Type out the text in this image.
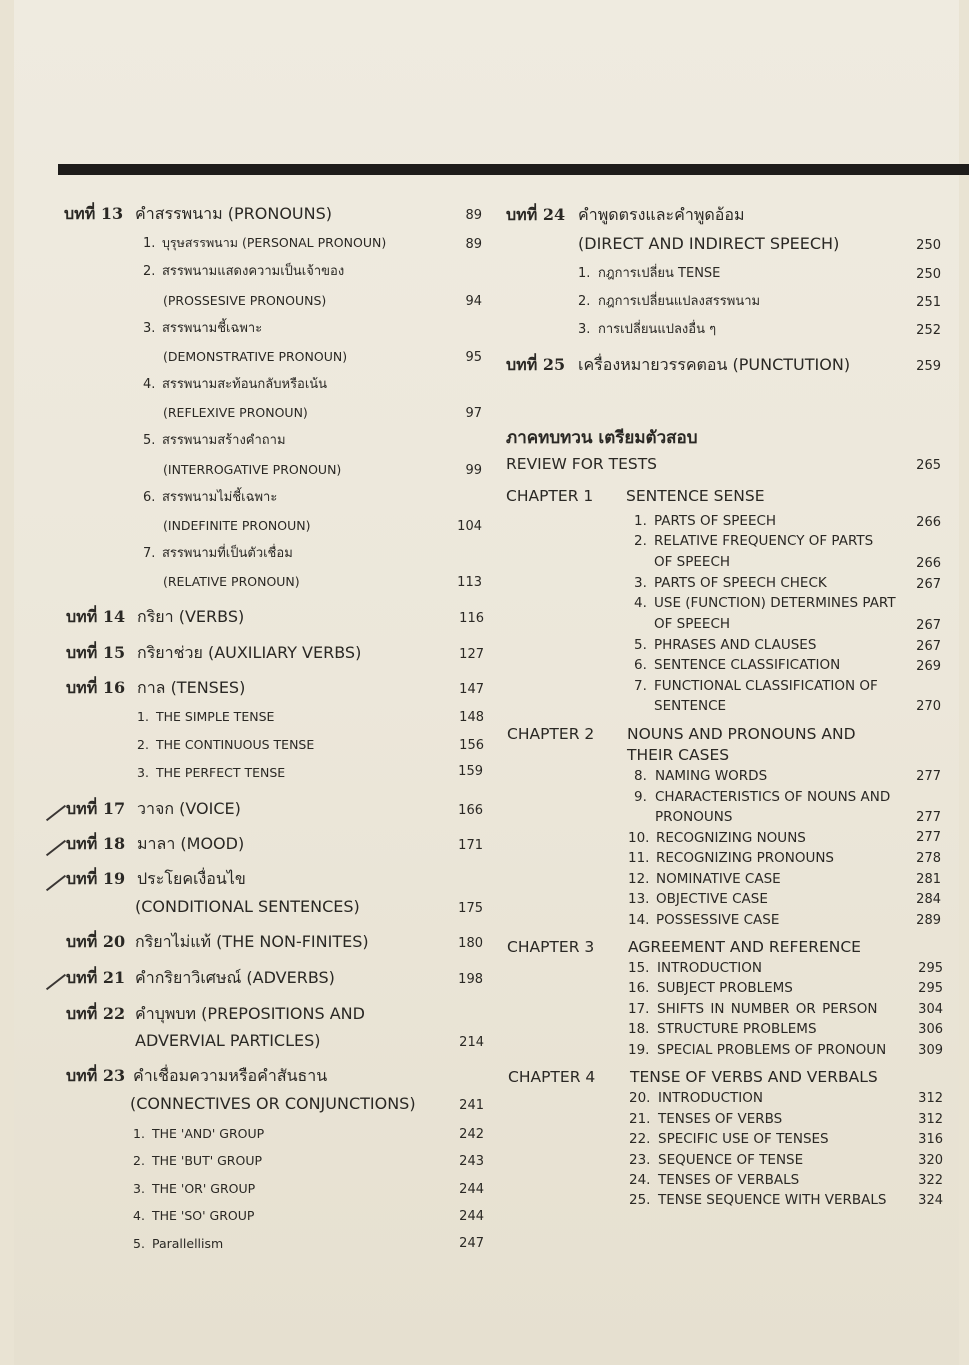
บทที่ 13 คำสรรพนาม (PRONOUNS)	89
1. บุรุษสรรพนาม (PERSONAL PRONOUN)	89
2. สรรพนามแสดงความเป็นเจ้าของ
(PROSSESIVE PRONOUNS)	94
3. สรรพนามชี้เฉพาะ
(DEMONSTRATIVE PRONOUN)	95
4. สรรพนามสะท้อนกลับหรือเน้น
(REFLEXIVE PRONOUN)	97
5. สรรพนามสร้างคำถาม
(INTERROGATIVE PRONOUN)	99
6. สรรพนามไม่ชี้เฉพาะ
(INDEFINITE PRONOUN)	104
7. สรรพนามที่เป็นตัวเชื่อม
(RELATIVE PRONOUN)	113
บทที่ 14 กริยา (VERBS)	116
บทที่ 15 กริยาช่วย (AUXILIARY VERBS)	127
บทที่ 16 กาล (TENSES)	147
1. THE SIMPLE TENSE	148
2. THE CONTINUOUS TENSE	156
3. THE PERFECT TENSE	159
บทที่ 17 วาจก (VOICE)	166
บทที่ 18 มาลา (MOOD)	171
บทที่ 19 ประโยคเงื่อนไข
(CONDITIONAL SENTENCES)	175
บทที่ 20 กริยาไม่แท้ (THE NON-FINITES)	180
บทที่ 21 คำกริยาวิเศษณ์ (ADVERBS)	198
บทที่ 22 คำบุพบท (PREPOSITIONS AND
ADVERVIAL PARTICLES)	214
บทที่ 23 คำเชื่อมความหรือคำสันธาน
(CONNECTIVES OR CONJUNCTIONS)	241
1. THE 'AND' GROUP	242
2. THE 'BUT' GROUP	243
3. THE 'OR' GROUP	244
4. THE 'SO' GROUP	244
5. Parallellism	247
บทที่ 24 คำพูดตรงและคำพูดอ้อม
(DIRECT AND INDIRECT SPEECH)	250
1. กฎการเปลี่ยน TENSE	250
2. กฎการเปลี่ยนแปลงสรรพนาม	251
3. การเปลี่ยนแปลงอื่น ๆ	252
บทที่ 25 เครื่องหมายวรรคตอน (PUNCTUTION)	259
ภาคทบทวน เตรียมตัวสอบ
REVIEW FOR TESTS	265
CHAPTER 1 SENTENCE SENSE
1. PARTS OF SPEECH	266
2. RELATIVE FREQUENCY OF PARTS
OF SPEECH	266
3. PARTS OF SPEECH CHECK	267
4. USE (FUNCTION) DETERMINES PART
OF SPEECH	267
5. PHRASES AND CLAUSES	267
6. SENTENCE CLASSIFICATION	269
7. FUNCTIONAL CLASSIFICATION OF
SENTENCE	270
CHAPTER 2 NOUNS AND PRONOUNS AND
THEIR CASES
8. NAMING WORDS	277
9. CHARACTERISTICS OF NOUNS AND
PRONOUNS	277
10. RECOGNIZING NOUNS	277
11. RECOGNIZING PRONOUNS	278
12. NOMINATIVE CASE	281
13. OBJECTIVE CASE	284
14. POSSESSIVE CASE	289
CHAPTER 3 AGREEMENT AND REFERENCE
15. INTRODUCTION	295
16. SUBJECT PROBLEMS	295
17. SHIFTS IN NUMBER OR PERSON	304
18. STRUCTURE PROBLEMS	306
19. SPECIAL PROBLEMS OF PRONOUN 309
CHAPTER 4 TENSE OF VERBS AND VERBALS
20. INTRODUCTION	312
21. TENSES OF VERBS	312
22. SPECIFIC USE OF TENSES	316
23. SEQUENCE OF TENSE	320
24. TENSES OF VERBALS	322
25. TENSE SEQUENCE WITH VERBALS 324
